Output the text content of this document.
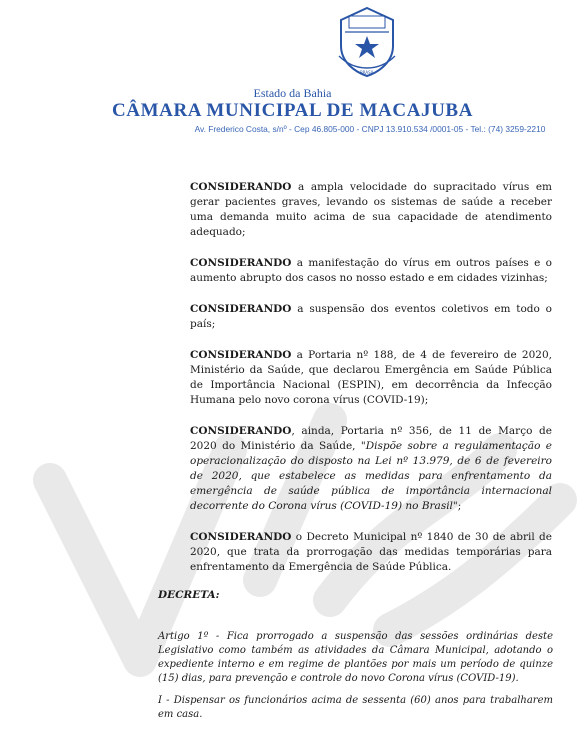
BRASIL
Estado da Bahia
CÂMARA MUNICIPAL DE MACAJUBA
Av. Frederico Costa, s/nº - Cep 46.805-000 - CNPJ 13.910.534 /0001-05 - Tel.: (74) 3259-2210

CONSIDERANDO a ampla velocidade do supracitado vírus em gerar pacientes graves, levando os sistemas de saúde a receber uma demanda muito acima de sua capacidade de atendimento adequado;

CONSIDERANDO a manifestação do vírus em outros países e o aumento abrupto dos casos no nosso estado e em cidades vizinhas;

CONSIDERANDO a suspensão dos eventos coletivos em todo o país;

CONSIDERANDO a Portaria nº 188, de 4 de fevereiro de 2020, Ministério da Saúde, que declarou Emergência em Saúde Pública de Importância Nacional (ESPIN), em decorrência da Infecção Humana pelo novo corona vírus (COVID-19);

CONSIDERANDO, ainda, Portaria nº 356, de 11 de Março de 2020 do Ministério da Saúde, "Dispõe sobre a regulamentação e operacionalização do disposto na Lei nº 13.979, de 6 de fevereiro de 2020, que estabelece as medidas para enfrentamento da emergência de saúde pública de importância internacional decorrente do Corona vírus (COVID-19) no Brasil";

CONSIDERANDO o Decreto Municipal nº 1840 de 30 de abril de 2020, que trata da prorrogação das medidas temporárias para enfrentamento da Emergência de Saúde Pública.

DECRETA:

Artigo 1º - Fica prorrogado a suspensão das sessões ordinárias deste Legislativo como também as atividades da Câmara Municipal, adotando o expediente interno e em regime de plantões por mais um período de quinze (15) dias, para prevenção e controle do novo Corona vírus (COVID-19).

I - Dispensar os funcionários acima de sessenta (60) anos para trabalharem em casa.
